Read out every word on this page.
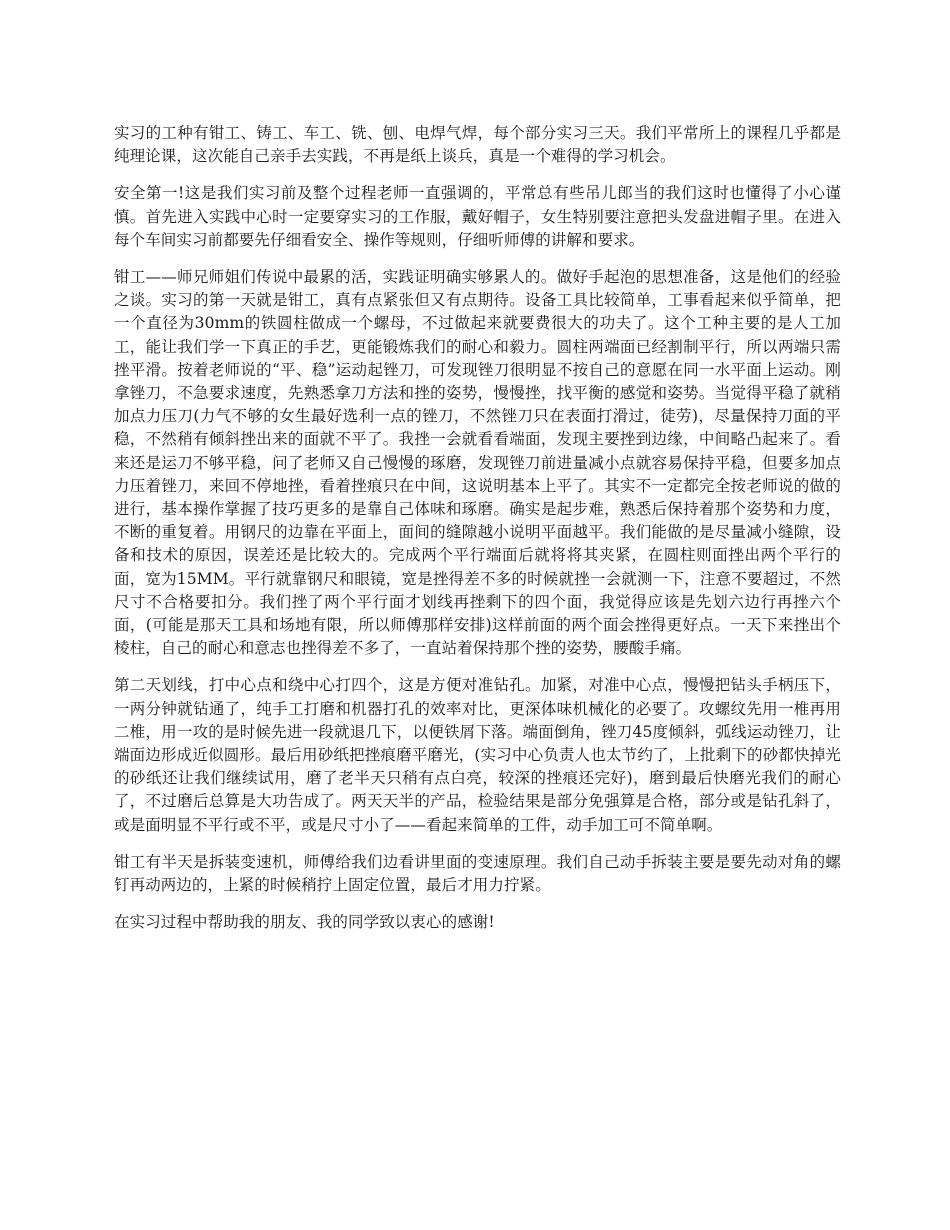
实习的工种有钳工、铸工、车工、铣、刨、电焊气焊，每个部分实习三天。我们平常所上的课程几乎都是纯理论课，这次能自己亲手去实践，不再是纸上谈兵，真是一个难得的学习机会。

安全第一!这是我们实习前及整个过程老师一直强调的，平常总有些吊儿郎当的我们这时也懂得了小心谨慎。首先进入实践中心时一定要穿实习的工作服，戴好帽子，女生特别要注意把头发盘进帽子里。在进入每个车间实习前都要先仔细看安全、操作等规则，仔细听师傅的讲解和要求。

钳工——师兄师姐们传说中最累的活，实践证明确实够累人的。做好手起泡的思想准备，这是他们的经验之谈。实习的第一天就是钳工，真有点紧张但又有点期待。设备工具比较简单，工事看起来似乎简单，把一个直径为30mm的铁圆柱做成一个螺母，不过做起来就要费很大的功夫了。这个工种主要的是人工加工，能让我们学一下真正的手艺，更能锻炼我们的耐心和毅力。圆柱两端面已经割制平行，所以两端只需挫平滑。按着老师说的“平、稳”运动起锉刀，可发现锉刀很明显不按自己的意愿在同一水平面上运动。刚拿锉刀，不急要求速度，先熟悉拿刀方法和挫的姿势，慢慢挫，找平衡的感觉和姿势。当觉得平稳了就稍加点力压刀(力气不够的女生最好选利一点的锉刀，不然锉刀只在表面打滑过，徒劳)，尽量保持刀面的平稳，不然稍有倾斜挫出来的面就不平了。我挫一会就看看端面，发现主要挫到边缘，中间略凸起来了。看来还是运刀不够平稳，问了老师又自己慢慢的琢磨，发现锉刀前进量减小点就容易保持平稳，但要多加点力压着锉刀，来回不停地挫，看着挫痕只在中间，这说明基本上平了。其实不一定都完全按老师说的做的进行，基本操作掌握了技巧更多的是靠自己体味和琢磨。确实是起步难，熟悉后保持着那个姿势和力度，不断的重复着。用钢尺的边靠在平面上，面间的缝隙越小说明平面越平。我们能做的是尽量减小缝隙，设备和技术的原因，误差还是比较大的。完成两个平行端面后就将将其夹紧，在圆柱则面挫出两个平行的面，宽为15MM。平行就靠钢尺和眼镜，宽是挫得差不多的时候就挫一会就测一下，注意不要超过，不然尺寸不合格要扣分。我们挫了两个平行面才划线再挫剩下的四个面，我觉得应该是先划六边行再挫六个面，(可能是那天工具和场地有限，所以师傅那样安排)这样前面的两个面会挫得更好点。一天下来挫出个棱柱，自己的耐心和意志也挫得差不多了，一直站着保持那个挫的姿势，腰酸手痛。

第二天划线，打中心点和绕中心打四个，这是方便对准钻孔。加紧，对准中心点，慢慢把钻头手柄压下，一两分钟就钻通了，纯手工打磨和机器打孔的效率对比，更深体味机械化的必要了。攻螺纹先用一椎再用二椎，用一攻的是时候先进一段就退几下，以便铁屑下落。端面倒角，锉刀45度倾斜，弧线运动锉刀，让端面边形成近似圆形。最后用砂纸把挫痕磨平磨光，(实习中心负责人也太节约了，上批剩下的砂都快掉光的砂纸还让我们继续试用，磨了老半天只稍有点白亮，较深的挫痕还完好)，磨到最后快磨光我们的耐心了，不过磨后总算是大功告成了。两天天半的产品，检验结果是部分免强算是合格，部分或是钻孔斜了，或是面明显不平行或不平，或是尺寸小了——看起来简单的工件，动手加工可不简单啊。

钳工有半天是拆装变速机，师傅给我们边看讲里面的变速原理。我们自己动手拆装主要是要先动对角的螺钉再动两边的，上紧的时候稍拧上固定位置，最后才用力拧紧。

在实习过程中帮助我的朋友、我的同学致以衷心的感谢!
